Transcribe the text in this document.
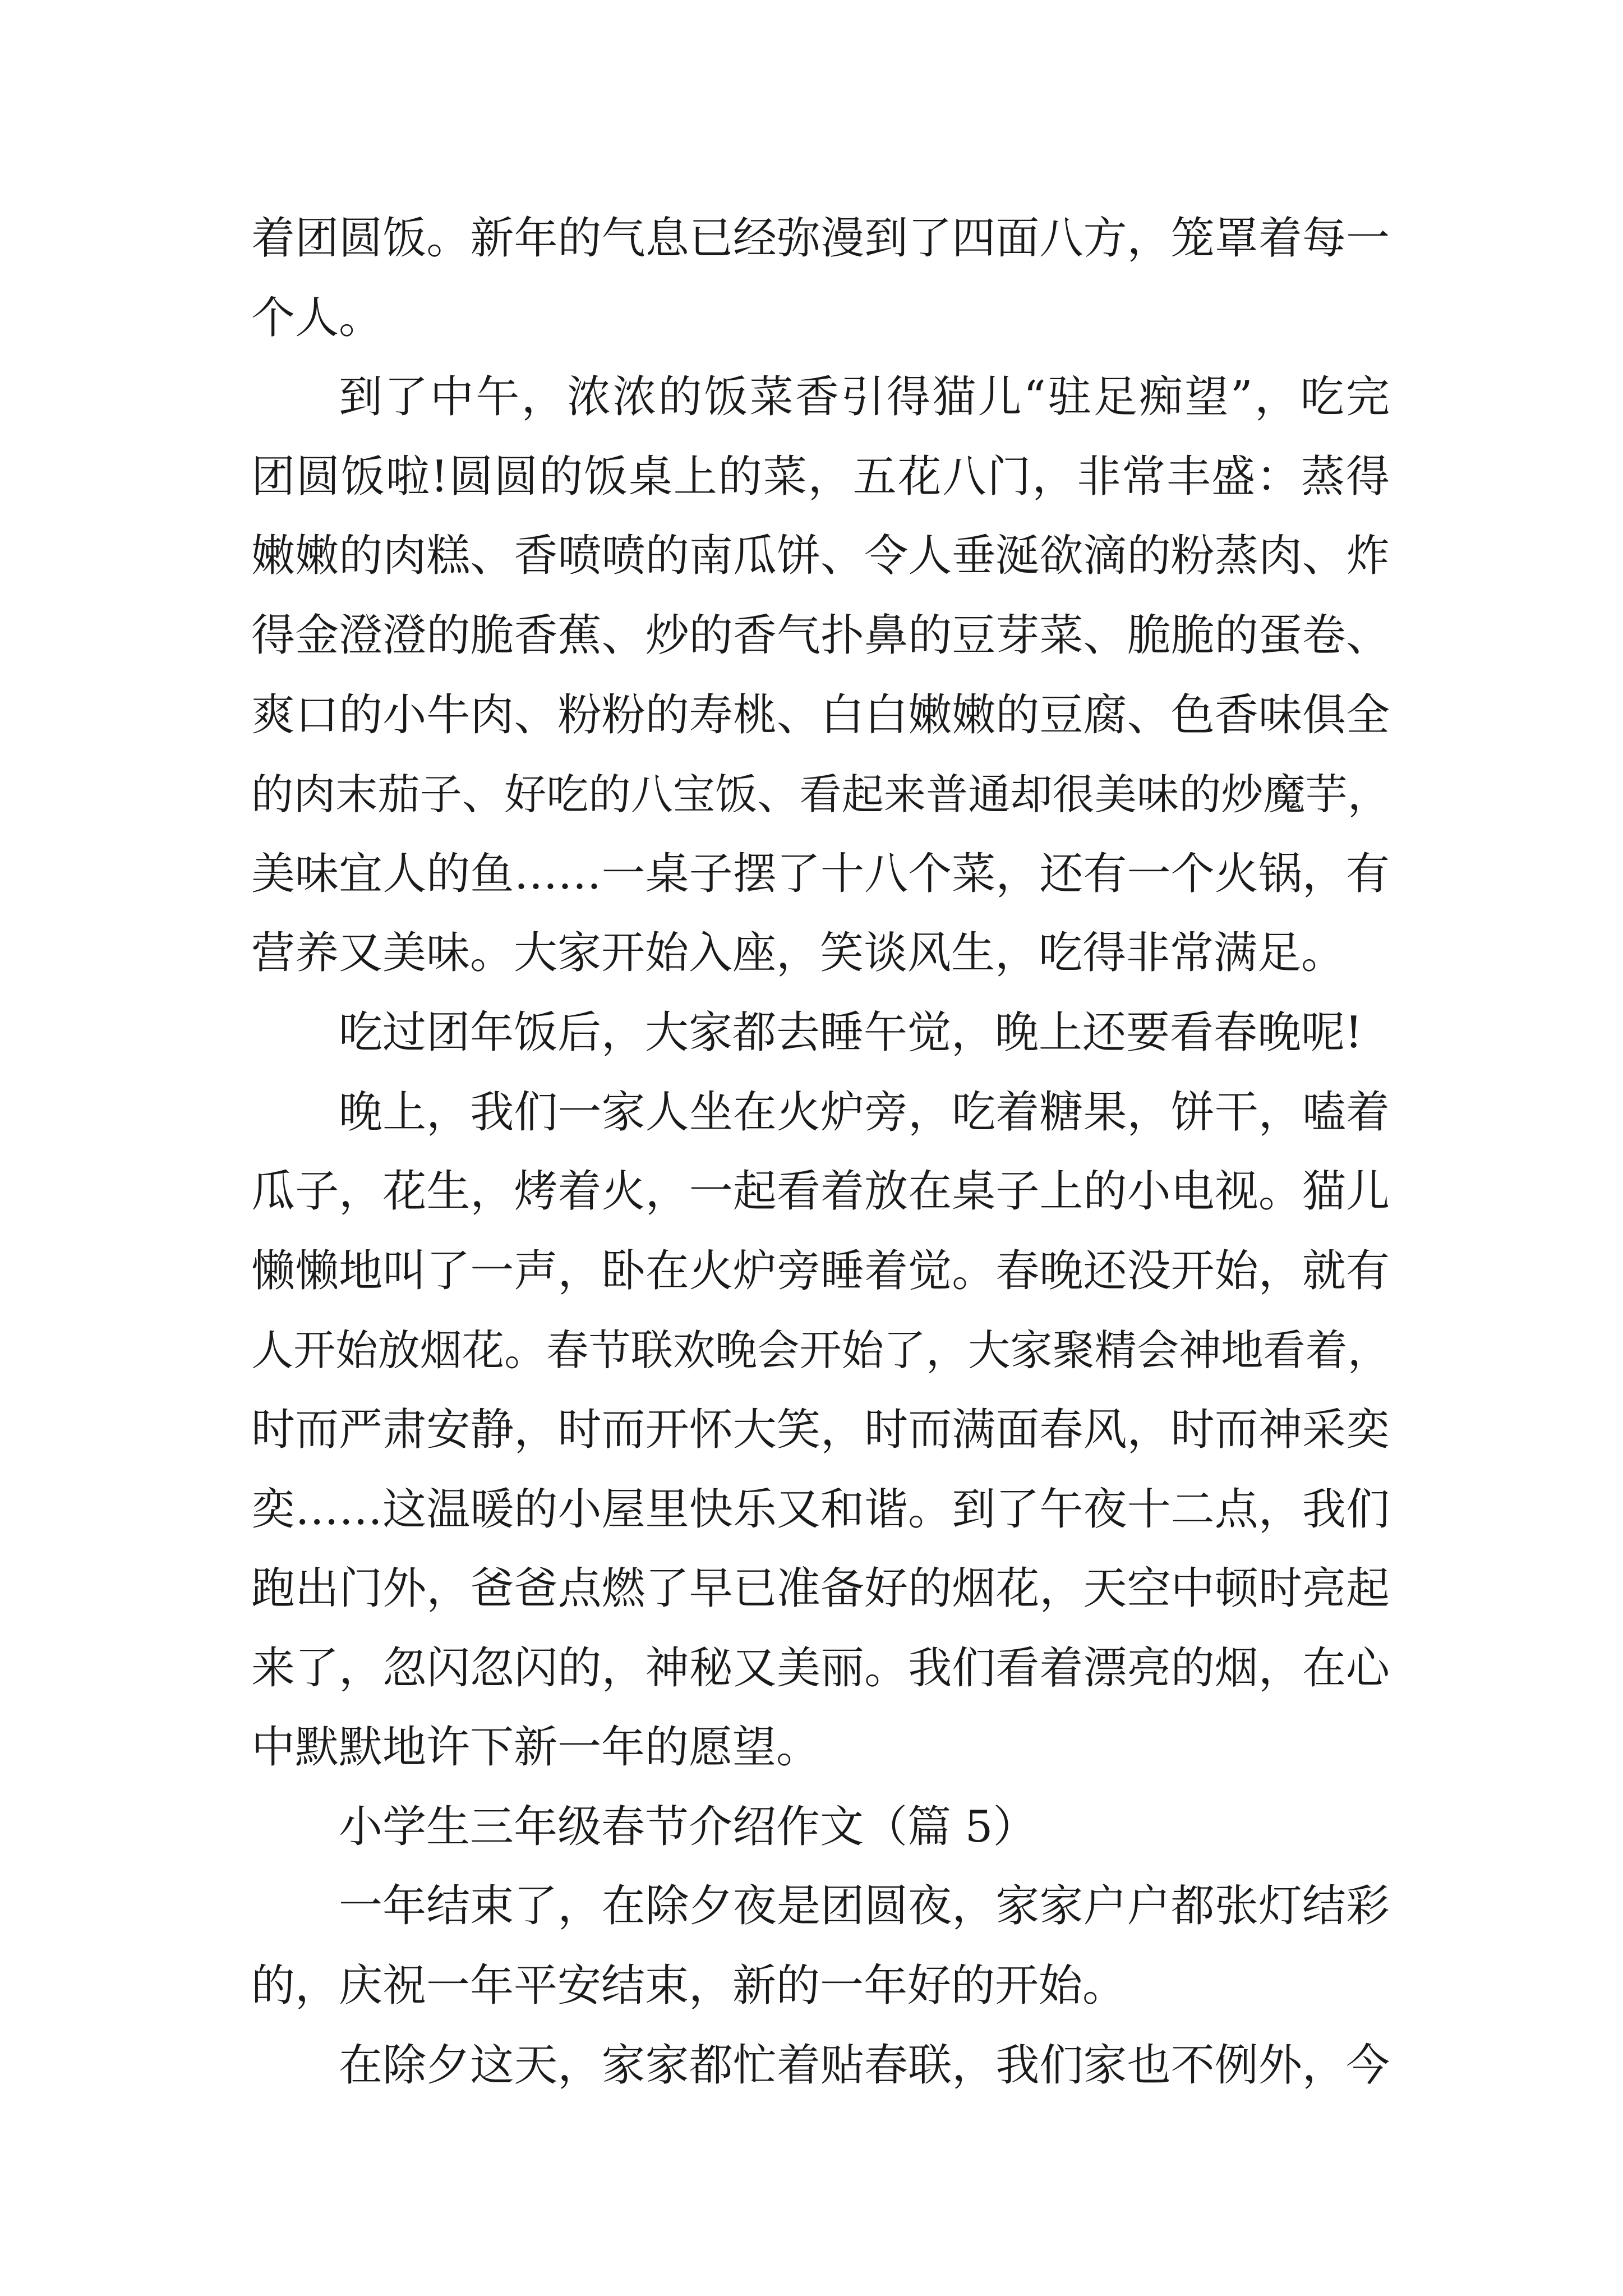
着团圆饭。新年的气息已经弥漫到了四面八方，笼罩着每一
个人。
到了中午，浓浓的饭菜香引得猫儿“驻足痴望”，吃完
团圆饭啦!圆圆的饭桌上的菜，五花八门，非常丰盛：蒸得
嫩嫩的肉糕、香喷喷的南瓜饼、令人垂涎欲滴的粉蒸肉、炸
得金澄澄的脆香蕉、炒的香气扑鼻的豆芽菜、脆脆的蛋卷、
爽口的小牛肉、粉粉的寿桃、白白嫩嫩的豆腐、色香味俱全
的肉末茄子、好吃的八宝饭、看起来普通却很美味的炒魔芋，
美味宜人的鱼……一桌子摆了十八个菜，还有一个火锅，有
营养又美味。大家开始入座，笑谈风生，吃得非常满足。
吃过团年饭后，大家都去睡午觉，晚上还要看春晚呢!
晚上，我们一家人坐在火炉旁，吃着糖果，饼干，嗑着
瓜子，花生，烤着火，一起看着放在桌子上的小电视。猫儿
懒懒地叫了一声，卧在火炉旁睡着觉。春晚还没开始，就有
人开始放烟花。春节联欢晚会开始了，大家聚精会神地看着，
时而严肃安静，时而开怀大笑，时而满面春风，时而神采奕
奕……这温暖的小屋里快乐又和谐。到了午夜十二点，我们
跑出门外，爸爸点燃了早已准备好的烟花，天空中顿时亮起
来了，忽闪忽闪的，神秘又美丽。我们看着漂亮的烟，在心
中默默地许下新一年的愿望。
小学生三年级春节介绍作文（篇 5）
一年结束了，在除夕夜是团圆夜，家家户户都张灯结彩
的，庆祝一年平安结束，新的一年好的开始。
在除夕这天，家家都忙着贴春联，我们家也不例外，今
